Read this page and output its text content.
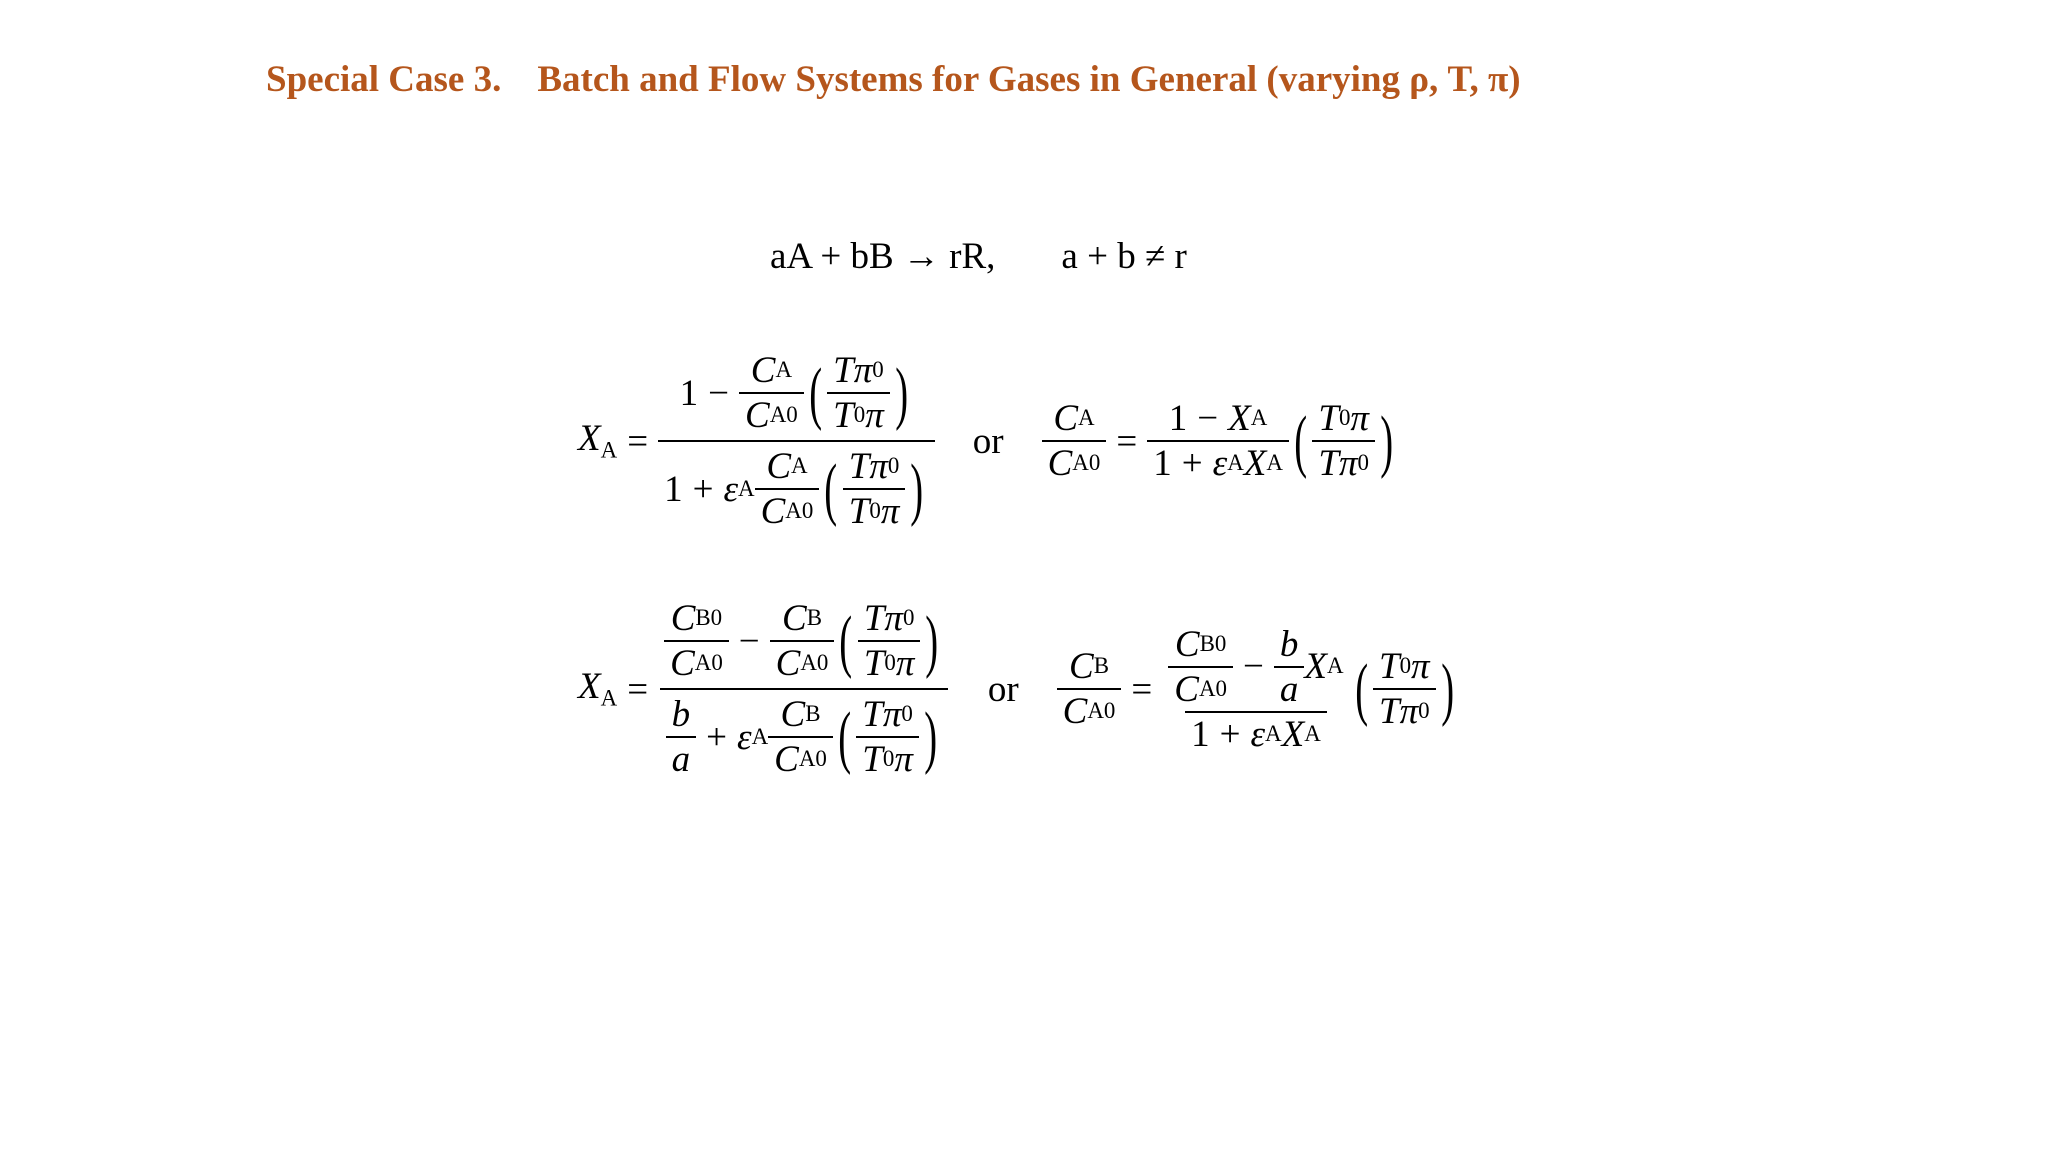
Special Case 3. Batch and Flow Systems for Gases in General (varying ρ, T, π)
aA + bB → rR, a + b ≠ r
$X_A = \frac{1 - \frac{\text{C A}}{\text{C A0}} ( \frac{T\pi 0}{T 0 \pi} )}{1 + \varepsilon A \frac{\text{C A}}{\text{C A0}} ( \frac{T\pi 0}{T 0 \pi} )}$ or $\frac{\text{C A}}{\text{C A0}} = \frac{\text{1 − X A}}{\text{1 + ε A X A}}$ ( $\frac{T 0 \pi}{T\pi 0}$ )
$X_A = \frac{\frac{\text{C B0}}{\text{C A0}} - \frac{\text{C B}}{\text{C A0}} ( \frac{T\pi 0}{T 0 \pi} )}{\frac{b}{a} + \varepsilon A \frac{\text{C B}}{\text{C A0}} ( \frac{T\pi 0}{T 0 \pi} )}$ or $\frac{\text{C B}}{\text{C A0}} = \frac{\frac{\text{C B0}}{\text{C A0}} - \frac{b}{a} X A}{\text{1 + ε A X A}}$ ( $\frac{T 0 \pi}{T\pi 0}$ )
